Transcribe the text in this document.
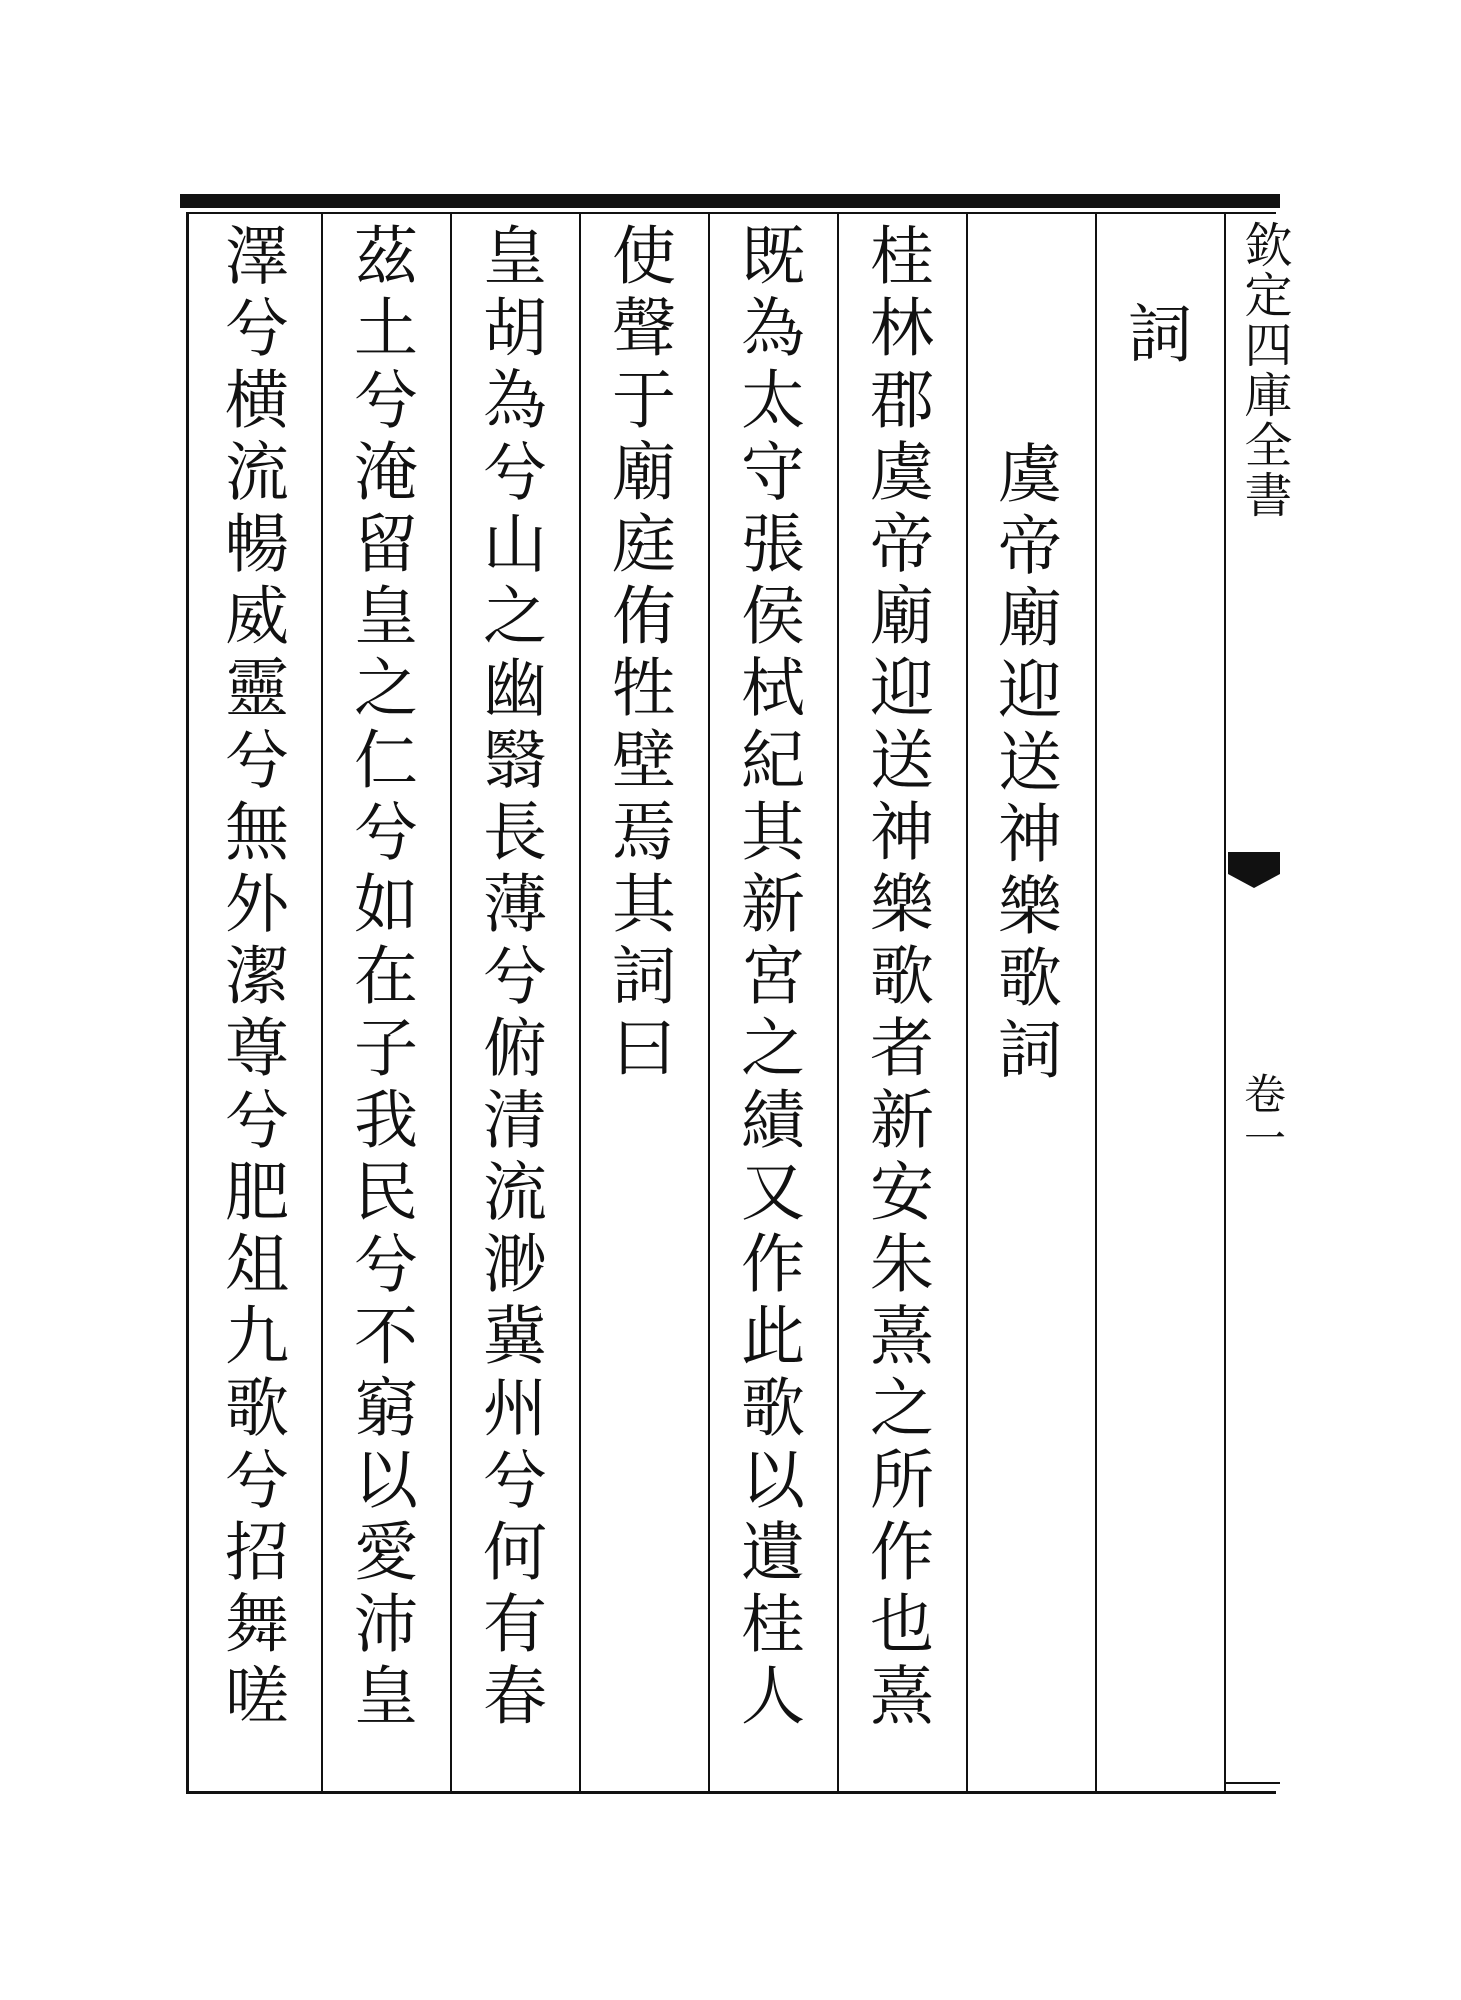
詞
虞帝廟迎送神樂歌詞
桂林郡虞帝廟迎送神樂歌者新安朱熹之所作也熹
既為太守張侯栻紀其新宮之績又作此歌以遺桂人
使聲于廟庭侑牲壁焉其詞曰
皇胡為兮山之幽翳長薄兮俯清流渺冀州兮何有春
茲土兮淹留皇之仁兮如在子我民兮不窮以愛沛皇
澤兮横流暢威靈兮無外潔尊兮肥俎九歌兮招舞嗟	欽定四庫全書
卷一
